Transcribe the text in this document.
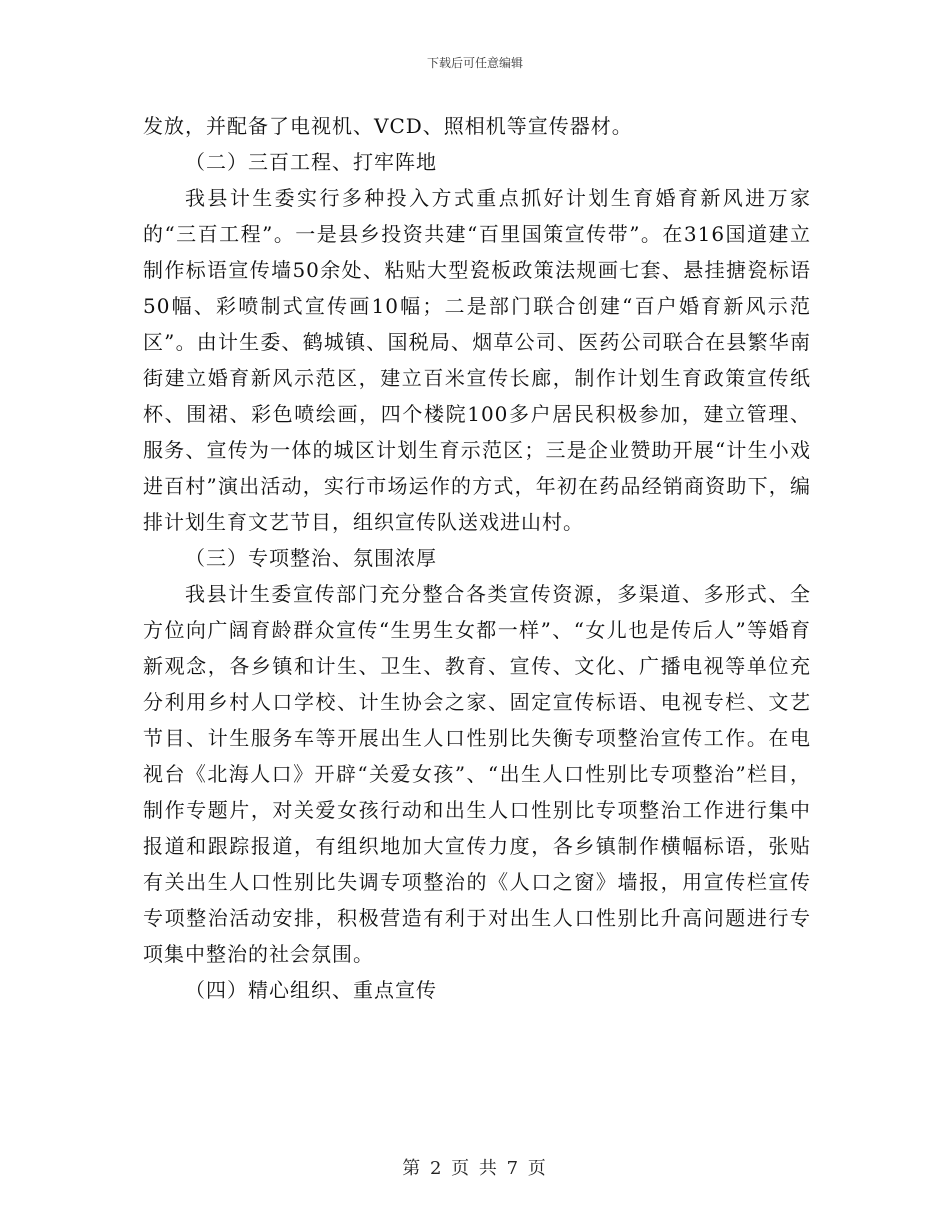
下载后可任意编辑

发放，并配备了电视机、VCD、照相机等宣传器材。

（二）三百工程、打牢阵地

我县计生委实行多种投入方式重点抓好计划生育婚育新风进万家的“三百工程”。一是县乡投资共建“百里国策宣传带”。在316国道建立制作标语宣传墙50余处、粘贴大型瓷板政策法规画七套、悬挂搪瓷标语50幅、彩喷制式宣传画10幅；二是部门联合创建“百户婚育新风示范区”。由计生委、鹤城镇、国税局、烟草公司、医药公司联合在县繁华南街建立婚育新风示范区，建立百米宣传长廊，制作计划生育政策宣传纸杯、围裙、彩色喷绘画，四个楼院100多户居民积极参加，建立管理、服务、宣传为一体的城区计划生育示范区；三是企业赞助开展“计生小戏进百村”演出活动，实行市场运作的方式，年初在药品经销商资助下，编排计划生育文艺节目，组织宣传队送戏进山村。

（三）专项整治、氛围浓厚

我县计生委宣传部门充分整合各类宣传资源，多渠道、多形式、全方位向广阔育龄群众宣传“生男生女都一样”、“女儿也是传后人”等婚育新观念，各乡镇和计生、卫生、教育、宣传、文化、广播电视等单位充分利用乡村人口学校、计生协会之家、固定宣传标语、电视专栏、文艺节目、计生服务车等开展出生人口性别比失衡专项整治宣传工作。在电视台《北海人口》开辟“关爱女孩”、“出生人口性别比专项整治”栏目，制作专题片，对关爱女孩行动和出生人口性别比专项整治工作进行集中报道和跟踪报道，有组织地加大宣传力度，各乡镇制作横幅标语，张贴有关出生人口性别比失调专项整治的《人口之窗》墙报，用宣传栏宣传专项整治活动安排，积极营造有利于对出生人口性别比升高问题进行专项集中整治的社会氛围。

（四）精心组织、重点宣传

第 2 页 共 7 页
